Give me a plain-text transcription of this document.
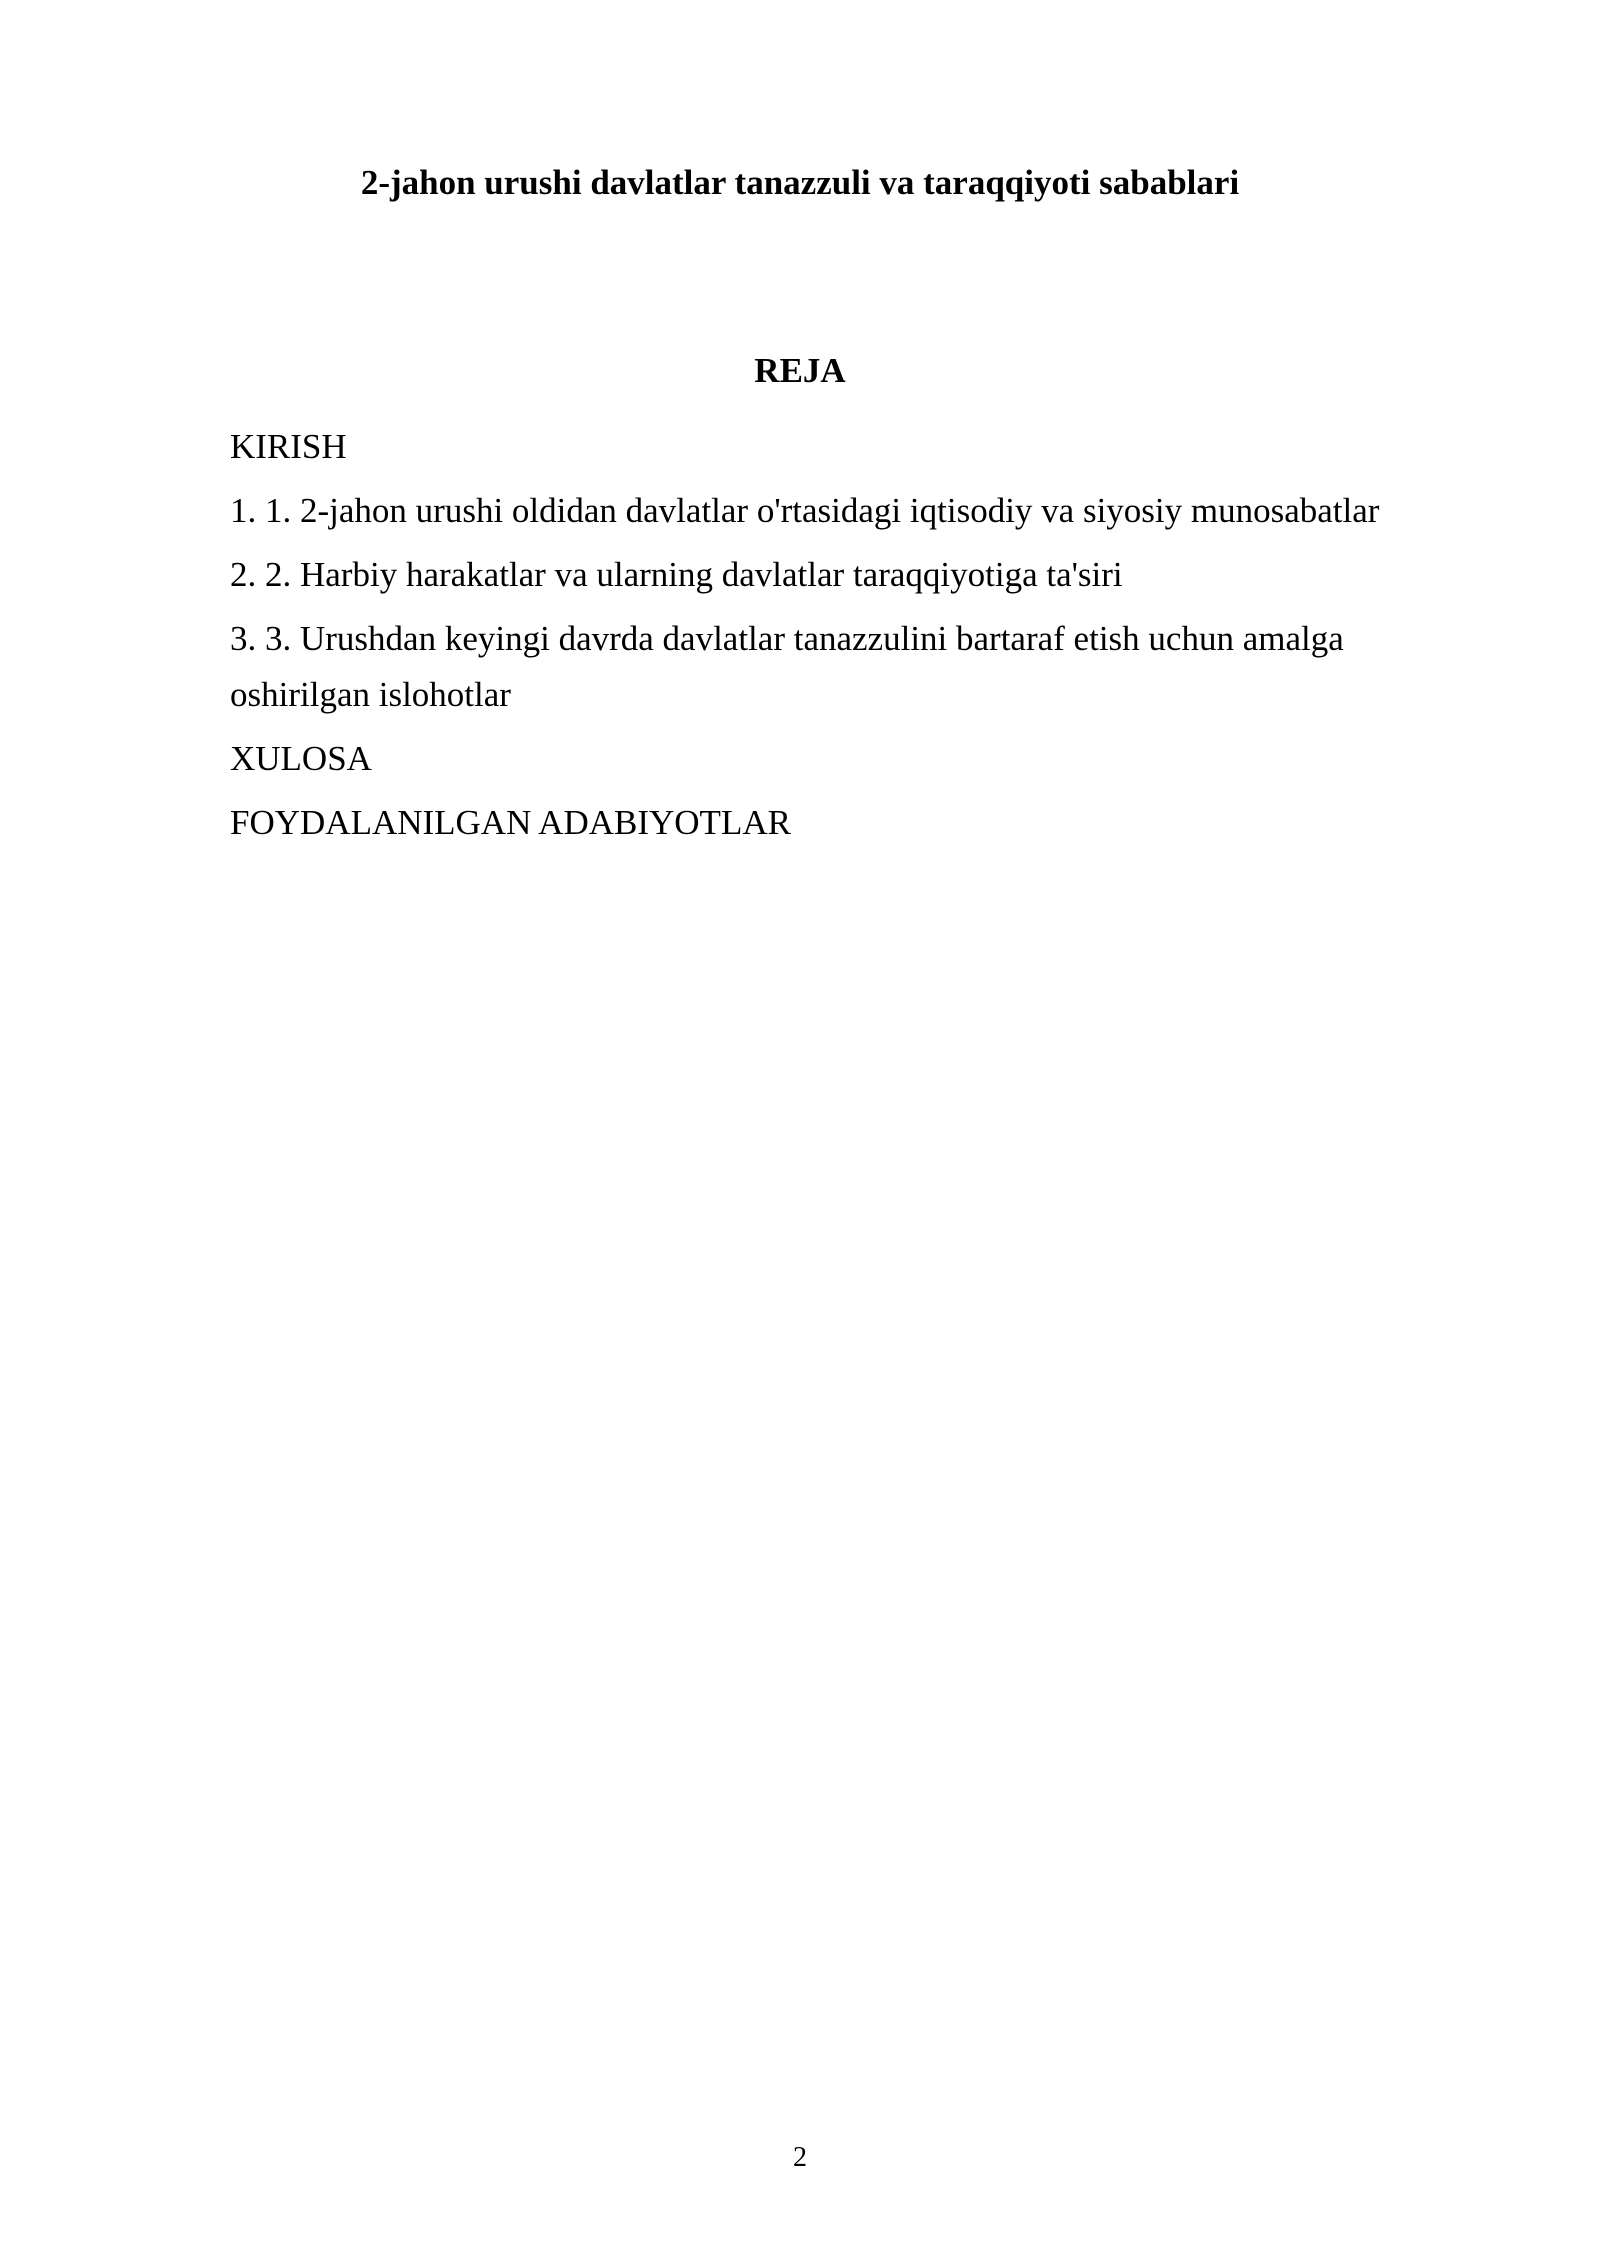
2-jahon urushi davlatlar tanazzuli va taraqqiyoti sabablari
REJA
KIRISH
1. 1. 2-jahon urushi oldidan davlatlar o'rtasidagi iqtisodiy va siyosiy munosabatlar
2. 2. Harbiy harakatlar va ularning davlatlar taraqqiyotiga ta'siri
3. 3. Urushdan keyingi davrda davlatlar tanazzulini bartaraf etish uchun amalga oshirilgan islohotlar
XULOSA
FOYDALANILGAN ADABIYOTLAR
2
